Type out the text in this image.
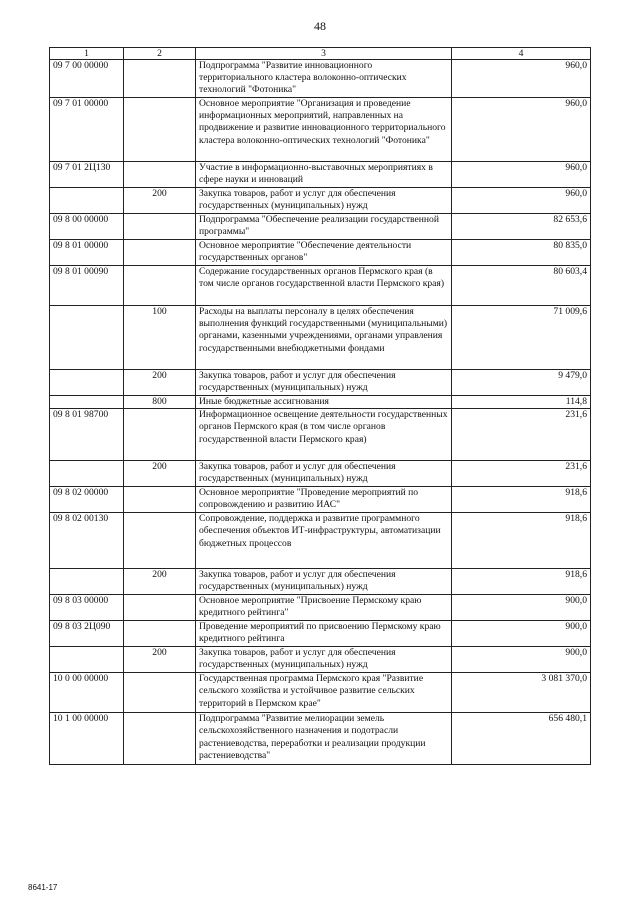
48
1	2	3	4
09 7 00 00000		Подпрограмма "Развитие инновационного территориального кластера волоконно-оптических технологий "Фотоника"	960,0
09 7 01 00000		Основное мероприятие "Организация и проведение информационных мероприятий, направленных на продвижение и развитие инновационного территориального кластера волоконно-оптических технологий "Фотоника"	960,0
09 7 01 2Ц130		Участие в информационно-выставочных мероприятиях в сфере науки и инноваций	960,0
	200	Закупка товаров, работ и услуг для обеспечения государственных (муниципальных) нужд	960,0
09 8 00 00000		Подпрограмма "Обеспечение реализации государственной программы"	82 653,6
09 8 01 00000		Основное мероприятие "Обеспечение деятельности государственных органов"	80 835,0
09 8 01 00090		Содержание государственных органов Пермского края (в том числе органов государственной власти Пермского края)	80 603,4
	100	Расходы на выплаты персоналу в целях обеспечения выполнения функций государственными (муниципальными) органами, казенными учреждениями, органами управления государственными внебюджетными фондами	71 009,6
	200	Закупка товаров, работ и услуг для обеспечения государственных (муниципальных) нужд	9 479,0
	800	Иные бюджетные ассигнования	114,8
09 8 01 98700		Информационное освещение деятельности государственных органов Пермского края (в том числе органов государственной власти Пермского края)	231,6
	200	Закупка товаров, работ и услуг для обеспечения государственных (муниципальных) нужд	231,6
09 8 02 00000		Основное мероприятие "Проведение мероприятий по сопровождению и развитию ИАС"	918,6
09 8 02 00130		Сопровождение, поддержка и развитие программного обеспечения объектов ИТ-инфраструктуры, автоматизации бюджетных процессов	918,6
	200	Закупка товаров, работ и услуг для обеспечения государственных (муниципальных) нужд	918,6
09 8 03 00000		Основное мероприятие "Присвоение Пермскому краю кредитного рейтинга"	900,0
09 8 03 2Ц090		Проведение мероприятий по присвоению Пермскому краю кредитного рейтинга	900,0
	200	Закупка товаров, работ и услуг для обеспечения государственных (муниципальных) нужд	900,0
10 0 00 00000		Государственная программа Пермского края "Развитие сельского хозяйства и устойчивое развитие сельских территорий в Пермском крае"	3 081 370,0
10 1 00 00000		Подпрограмма "Развитие мелиорации земель сельскохозяйственного назначения и подотрасли растениеводства, переработки и реализации продукции растениеводства"	656 480,1
8641-17
